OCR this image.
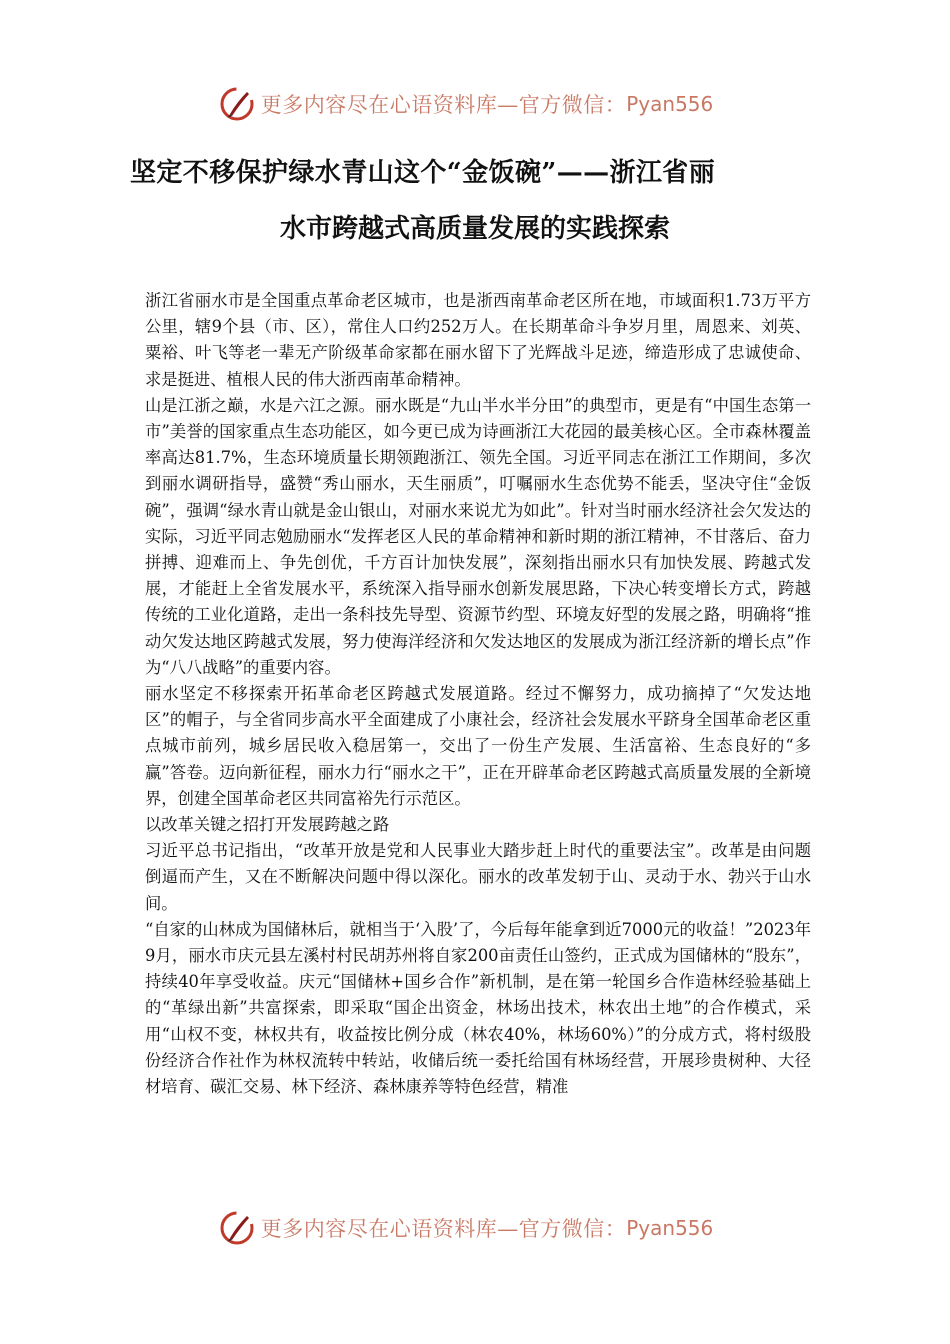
更多内容尽在心语资料库—官方微信： Pyan556
坚定不移保护绿水青山这个“金饭碗”——浙江省丽
水市跨越式高质量发展的实践探索

浙江省丽水市是全国重点革命老区城市，也是浙西南革命老区所在地，市域面积1.73万平方公里，辖9个县（市、区），常住人口约252万人。在长期革命斗争岁月里，周恩来、刘英、粟裕、叶飞等老一辈无产阶级革命家都在丽水留下了光辉战斗足迹，缔造形成了忠诚使命、求是挺进、植根人民的伟大浙西南革命精神。

山是江浙之巅，水是六江之源。丽水既是“九山半水半分田”的典型市，更是有“中国生态第一市”美誉的国家重点生态功能区，如今更已成为诗画浙江大花园的最美核心区。全市森林覆盖率高达81.7%，生态环境质量长期领跑浙江、领先全国。习近平同志在浙江工作期间，多次到丽水调研指导，盛赞“秀山丽水，天生丽质”，叮嘱丽水生态优势不能丢，坚决守住“金饭碗”，强调“绿水青山就是金山银山，对丽水来说尤为如此”。针对当时丽水经济社会欠发达的实际，习近平同志勉励丽水“发挥老区人民的革命精神和新时期的浙江精神，不甘落后、奋力拼搏、迎难而上、争先创优，千方百计加快发展”，深刻指出丽水只有加快发展、跨越式发展，才能赶上全省发展水平，系统深入指导丽水创新发展思路，下决心转变增长方式，跨越传统的工业化道路，走出一条科技先导型、资源节约型、环境友好型的发展之路，明确将“推动欠发达地区跨越式发展，努力使海洋经济和欠发达地区的发展成为浙江经济新的增长点”作为“八八战略”的重要内容。

丽水坚定不移探索开拓革命老区跨越式发展道路。经过不懈努力，成功摘掉了“欠发达地区”的帽子，与全省同步高水平全面建成了小康社会，经济社会发展水平跻身全国革命老区重点城市前列，城乡居民收入稳居第一，交出了一份生产发展、生活富裕、生态良好的“多赢”答卷。迈向新征程，丽水力行“丽水之干”，正在开辟革命老区跨越式高质量发展的全新境界，创建全国革命老区共同富裕先行示范区。

以改革关键之招打开发展跨越之路

习近平总书记指出，“改革开放是党和人民事业大踏步赶上时代的重要法宝”。改革是由问题倒逼而产生，又在不断解决问题中得以深化。丽水的改革发轫于山、灵动于水、勃兴于山水间。

“自家的山林成为国储林后，就相当于‘入股’了，今后每年能拿到近7000元的收益！”2023年9月，丽水市庆元县左溪村村民胡苏州将自家200亩责任山签约，正式成为国储林的“股东”，持续40年享受收益。庆元“国储林+国乡合作”新机制，是在第一轮国乡合作造林经验基础上的“革绿出新”共富探索，即采取“国企出资金，林场出技术，林农出土地”的合作模式，采用“山权不变，林权共有，收益按比例分成（林农40%，林场60%）”的分成方式，将村级股份经济合作社作为林权流转中转站，收储后统一委托给国有林场经营，开展珍贵树种、大径材培育、碳汇交易、林下经济、森林康养等特色经营，精准

更多内容尽在心语资料库—官方微信： Pyan556
